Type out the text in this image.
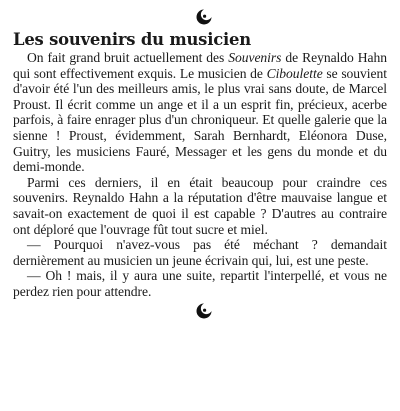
Les souvenirs du musicien

On fait grand bruit actuellement des Souvenirs de Reynaldo Hahn qui sont effectivement exquis. Le musicien de Ciboulette se souvient d'avoir été l'un des meilleurs amis, le plus vrai sans doute, de Marcel Proust. Il écrit comme un ange et il a un esprit fin, précieux, acerbe parfois, à faire enrager plus d'un chroniqueur. Et quelle galerie que la sienne ! Proust, évidemment, Sarah Bernhardt, Eléonora Duse, Guitry, les musiciens Fauré, Messager et les gens du monde et du demi-monde.

Parmi ces derniers, il en était beaucoup pour craindre ces souvenirs. Reynaldo Hahn a la réputation d'être mauvaise langue et savait-on exactement de quoi il est capable ? D'autres au contraire ont déploré que l'ouvrage fût tout sucre et miel.

— Pourquoi n'avez-vous pas été méchant ? demandait dernièrement au musicien un jeune écrivain qui, lui, est une peste.

— Oh ! mais, il y aura une suite, repartit l'interpellé, et vous ne perdez rien pour attendre.
